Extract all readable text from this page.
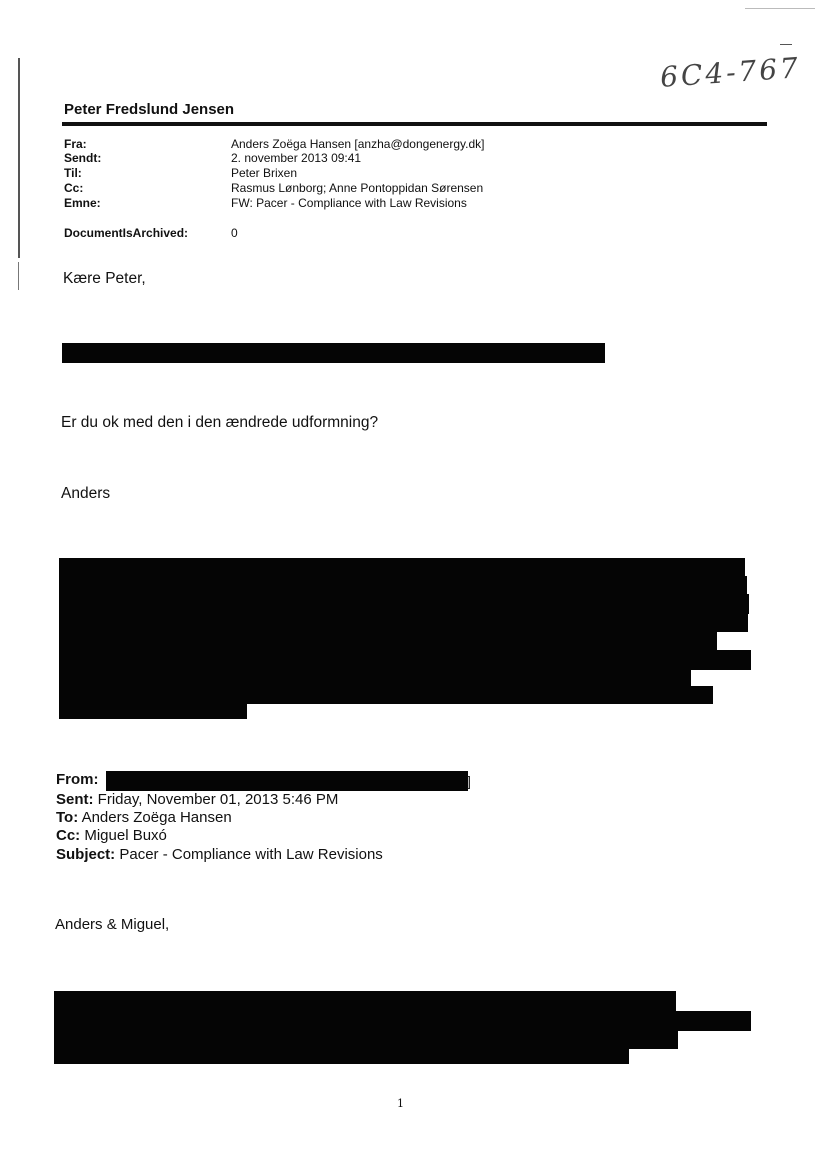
6C4-767
Peter Fredslund Jensen
Fra:	Anders Zoëga Hansen [anzha@dongenergy.dk]
Sendt:	2. november 2013 09:41
Til:	Peter Brixen
Cc:	Rasmus Lønborg; Anne Pontoppidan Sørensen
Emne:	FW: Pacer - Compliance with Law Revisions
DocumentIsArchived:	0
Kære Peter,
Er du ok med den i den ændrede udformning?
Anders
From:	]
Sent: Friday, November 01, 2013 5:46 PM
To: Anders Zoëga Hansen
Cc: Miguel Buxó
Subject: Pacer - Compliance with Law Revisions
Anders & Miguel,
1
